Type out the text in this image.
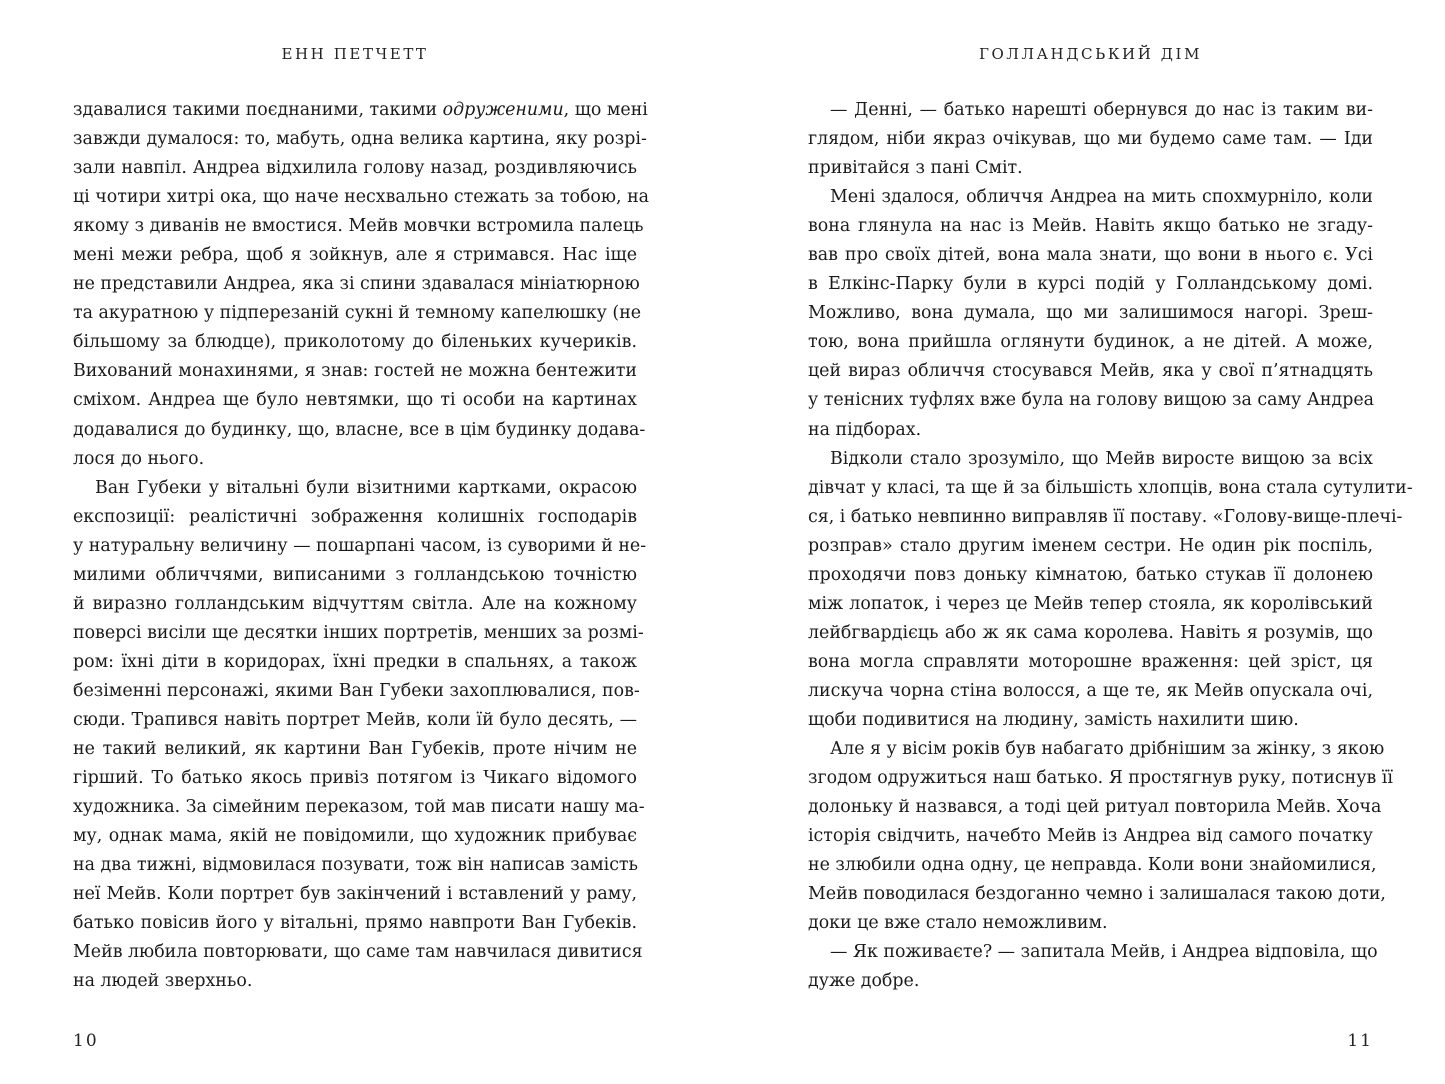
ЕНН ПЕТЧЕТТ
здавалися такими поєднаними, такими одруженими, що мені
завжди думалося: то, мабуть, одна велика картина, яку розрі-
зали навпіл. Андреа відхилила голову назад, роздивляючись
ці чотири хитрі ока, що наче несхвально стежать за тобою, на
якому з диванів не вмостися. Мейв мовчки встромила палець
мені межи ребра, щоб я зойкнув, але я стримався. Нас іще
не представили Андреа, яка зі спини здавалася мініатюрною
та акуратною у підперезаній сукні й темному капелюшку (не
більшому за блюдце), приколотому до біленьких кучериків.
Вихований монахинями, я знав: гостей не можна бентежити
сміхом. Андреа ще було невтямки, що ті особи на картинах
додавалися до будинку, що, власне, все в цім будинку додава-
лося до нього.
Ван Губеки у вітальні були візитними картками, окрасою
експозиції: реалістичні зображення колишніх господарів
у натуральну величину — пошарпані часом, із суворими й не-
милими обличчями, виписаними з голландською точністю
й виразно голландським відчуттям світла. Але на кожному
поверсі висіли ще десятки інших портретів, менших за розмі-
ром: їхні діти в коридорах, їхні предки в спальнях, а також
безіменні персонажі, якими Ван Губеки захоплювалися, пов-
сюди. Трапився навіть портрет Мейв, коли їй було десять, —
не такий великий, як картини Ван Губеків, проте нічим не
гірший. То батько якось привіз потягом із Чикаго відомого
художника. За сімейним переказом, той мав писати нашу ма-
му, однак мама, якій не повідомили, що художник прибуває
на два тижні, відмовилася позувати, тож він написав замість
неї Мейв. Коли портрет був закінчений і вставлений у раму,
батько повісив його у вітальні, прямо навпроти Ван Губеків.
Мейв любила повторювати, що саме там навчилася дивитися
на людей зверхньо.
10
ГОЛЛАНДСЬКИЙ ДІМ
— Денні, — батько нарешті обернувся до нас із таким ви-
глядом, ніби якраз очікував, що ми будемо саме там. — Іди
привітайся з пані Сміт.
Мені здалося, обличчя Андреа на мить спохмурніло, коли
вона глянула на нас із Мейв. Навіть якщо батько не згаду-
вав про своїх дітей, вона мала знати, що вони в нього є. Усі
в Елкінс-Парку були в курсі подій у Голландському домі.
Можливо, вона думала, що ми залишимося нагорі. Зреш-
тою, вона прийшла оглянути будинок, а не дітей. А може,
цей вираз обличчя стосувався Мейв, яка у свої п’ятнадцять
у тенісних туфлях вже була на голову вищою за саму Андреа
на підборах.
Відколи стало зрозуміло, що Мейв виросте вищою за всіх
дівчат у класі, та ще й за більшість хлопців, вона стала сутулити-
ся, і батько невпинно виправляв її поставу. «Голову-вище-плечі-
розправ» стало другим іменем сестри. Не один рік поспіль,
проходячи повз доньку кімнатою, батько стукав її долонею
між лопаток, і через це Мейв тепер стояла, як королівський
лейбгвардієць або ж як сама королева. Навіть я розумів, що
вона могла справляти моторошне враження: цей зріст, ця
лискуча чорна стіна волосся, а ще те, як Мейв опускала очі,
щоби подивитися на людину, замість нахилити шию.
Але я у вісім років був набагато дрібнішим за жінку, з якою
згодом одружиться наш батько. Я простягнув руку, потиснув її
долоньку й назвався, а тоді цей ритуал повторила Мейв. Хоча
історія свідчить, начебто Мейв із Андреа від самого початку
не злюбили одна одну, це неправда. Коли вони знайомилися,
Мейв поводилася бездоганно чемно і залишалася такою доти,
доки це вже стало неможливим.
— Як поживаєте? — запитала Мейв, і Андреа відповіла, що
дуже добре.
11
